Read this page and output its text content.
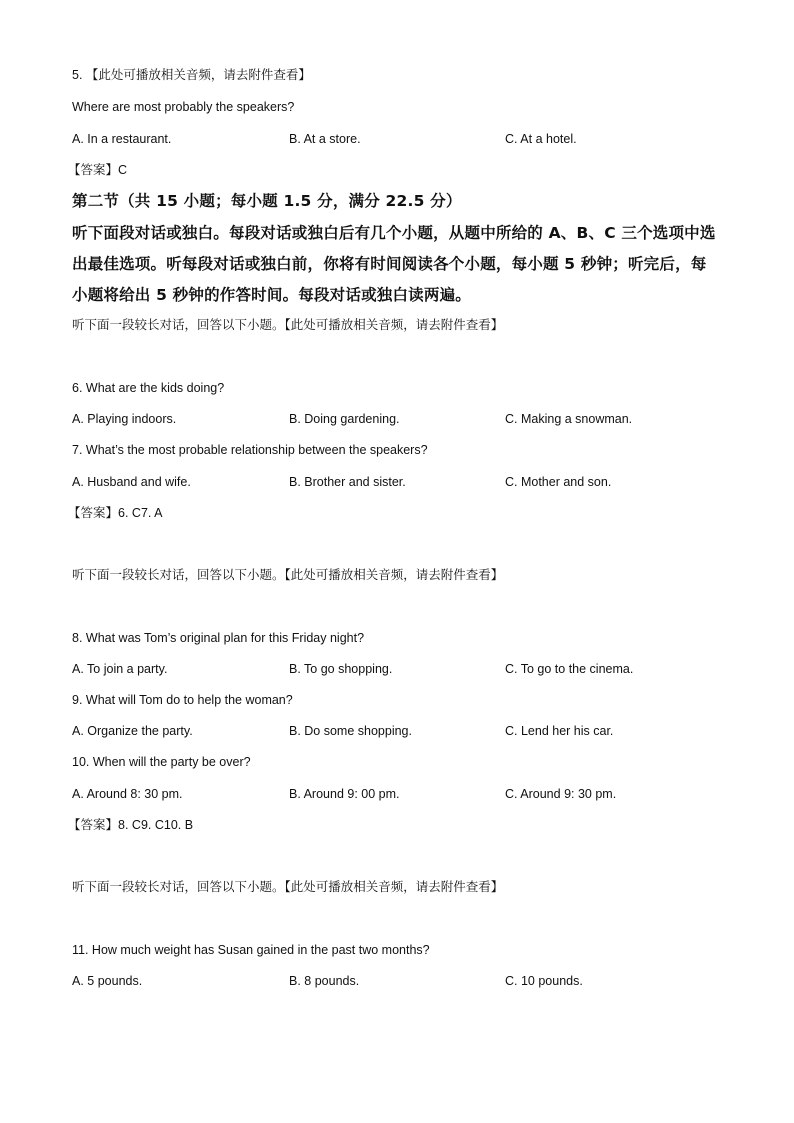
5. 【此处可播放相关音频，请去附件查看】
Where are most probably the speakers?
A. In a restaurant.	B. At a store.	C. At a hotel.
【答案】C
第二节（共 15 小题；每小题 1.5 分，满分 22.5 分）
听下面段对话或独白。每段对话或独白后有几个小题，从题中所给的 A、B、C 三个选项中选
出最佳选项。听每段对话或独白前，你将有时间阅读各个小题，每小题 5 秒钟；听完后，每
小题将给出 5 秒钟的作答时间。每段对话或独白读两遍。
听下面一段较长对话，回答以下小题。【此处可播放相关音频，请去附件查看】
6. What are the kids doing?
A. Playing indoors.	B. Doing gardening.	C. Making a snowman.
7. What’s the most probable relationship between the speakers?
A. Husband and wife.	B. Brother and sister.	C. Mother and son.
【答案】6. C7. A
听下面一段较长对话，回答以下小题。【此处可播放相关音频，请去附件查看】
8. What was Tom’s original plan for this Friday night?
A. To join a party.	B. To go shopping.	C. To go to the cinema.
9. What will Tom do to help the woman?
A. Organize the party.	B. Do some shopping.	C. Lend her his car.
10. When will the party be over?
A. Around 8: 30 pm.	B. Around 9: 00 pm.	C. Around 9: 30 pm.
【答案】8. C9. C10. B
听下面一段较长对话，回答以下小题。【此处可播放相关音频，请去附件查看】
11. How much weight has Susan gained in the past two months?
A. 5 pounds.	B. 8 pounds.	C. 10 pounds.
